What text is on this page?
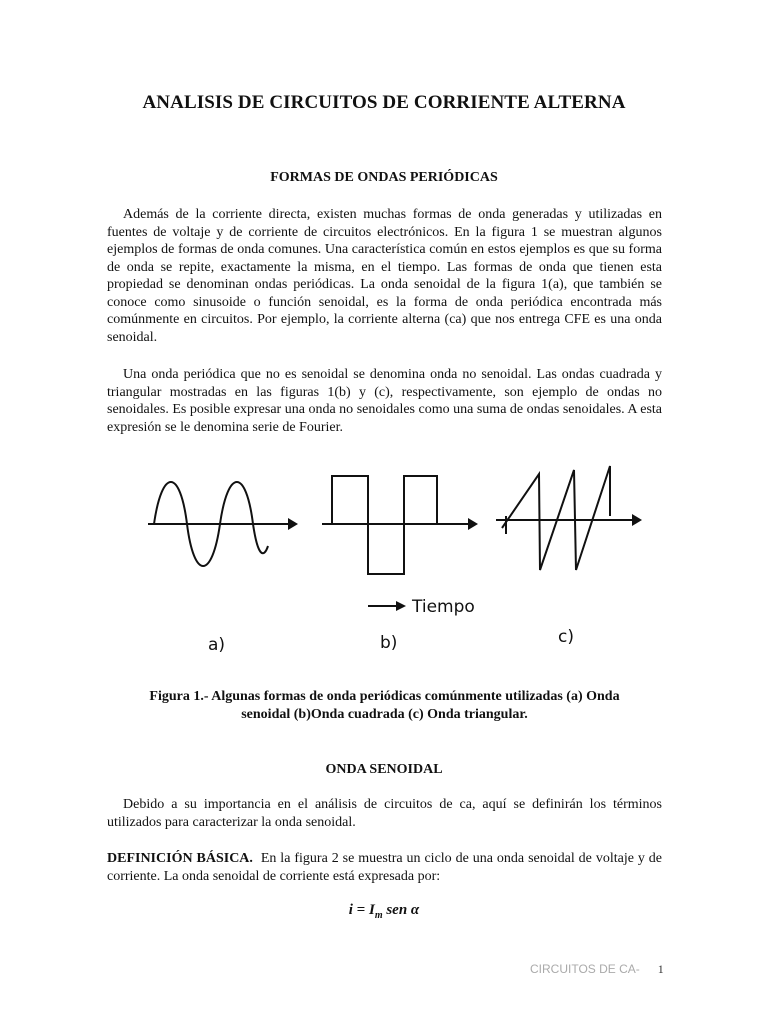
ANALISIS DE CIRCUITOS DE CORRIENTE ALTERNA
FORMAS DE ONDAS PERIÓDICAS
Además de la corriente directa, existen muchas formas de onda generadas y utilizadas en fuentes de voltaje y de corriente de circuitos electrónicos. En la figura 1 se muestran algunos ejemplos de formas de onda comunes. Una característica común en estos ejemplos es que su forma de onda se repite, exactamente la misma, en el tiempo. Las formas de onda que tienen esta propiedad se denominan ondas periódicas. La onda senoidal de la figura 1(a), que también se conoce como sinusoide o función senoidal, es la forma de onda periódica encontrada más comúnmente en circuitos. Por ejemplo, la corriente alterna (ca) que nos entrega CFE es una onda senoidal.
Una onda periódica que no es senoidal se denomina onda no senoidal. Las ondas cuadrada y triangular mostradas en las figuras 1(b) y (c), respectivamente, son ejemplo de ondas no senoidales. Es posible expresar una onda no senoidales como una suma de ondas senoidales. A esta expresión se le denomina serie de Fourier.
Tiempo
a)	b)	c)
Figura 1.- Algunas formas de onda periódicas comúnmente utilizadas (a) Onda
senoidal (b)Onda cuadrada (c) Onda triangular.
ONDA SENOIDAL
Debido a su importancia en el análisis de circuitos de ca, aquí se definirán los términos utilizados para caracterizar la onda senoidal.
DEFINICIÓN BÁSICA. En la figura 2 se muestra un ciclo de una onda senoidal de voltaje y de corriente. La onda senoidal de corriente está expresada por:
$i = I_m$ sen α
CIRCUITOS DE CA- 1
